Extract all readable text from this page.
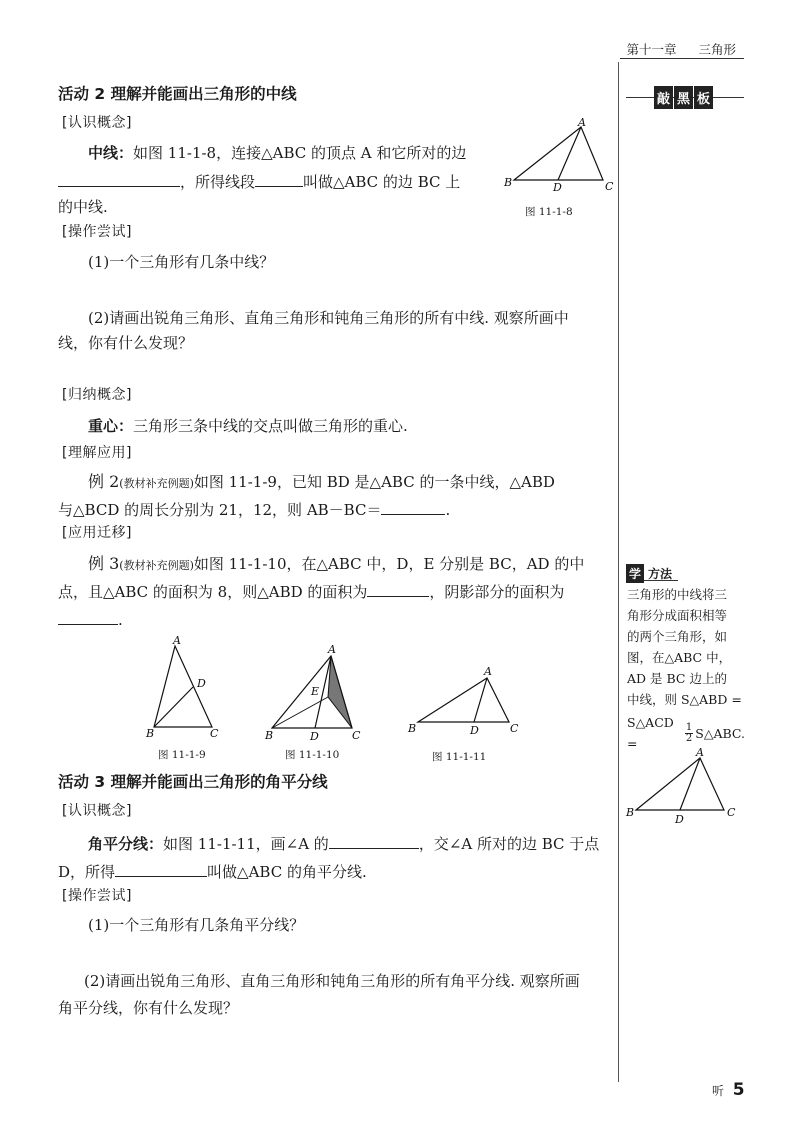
第十一章 三角形
敲 黑 板
活动 2 理解并能画出三角形的中线
[认识概念]
中线：如图 11-1-8，连接△ABC 的顶点 A 和它所对的边
，所得线段	叫做△ABC 的边 BC 上
的中线.
A
B	D	C
图 11-1-8
[操作尝试]
(1)一个三角形有几条中线？
(2)请画出锐角三角形、直角三角形和钝角三角形的所有中线. 观察所画中
线，你有什么发现？
[归纳概念]
重心：三角形三条中线的交点叫做三角形的重心.
[理解应用]
例 2(教材补充例题)如图 11-1-9，已知 BD 是△ABC 的一条中线，△ABD
与△BCD 的周长分别为 21，12，则 AB－BC＝	.
[应用迁移]
例 3(教材补充例题)如图 11-1-10，在△ABC 中，D，E 分别是 BC，AD 的中
点，且△ABC 的面积为 8，则△ABD 的面积为	，阴影部分的面积为
.
A
D
B	C
图 11-1-9
A
E
B	D	C
图 11-1-10
A
B	D	C
图 11-1-11
活动 3 理解并能画出三角形的角平分线
[认识概念]
角平分线：如图 11-1-11，画∠A 的	，交∠A 所对的边 BC 于点
D，所得	叫做△ABC 的角平分线.
[操作尝试]
(1)一个三角形有几条角平分线？
(2)请画出锐角三角形、直角三角形和钝角三角形的所有角平分线. 观察所画
角平分线，你有什么发现？
学 方法
三角形的中线将三
角形分成面积相等
的两个三角形，如
图，在△ABC 中，
AD 是 BC 边上的
中线，则 S△ABD =
S△ACD =	$\frac{1}{2}$ S△ABC.
A
B
D
C
听 5
